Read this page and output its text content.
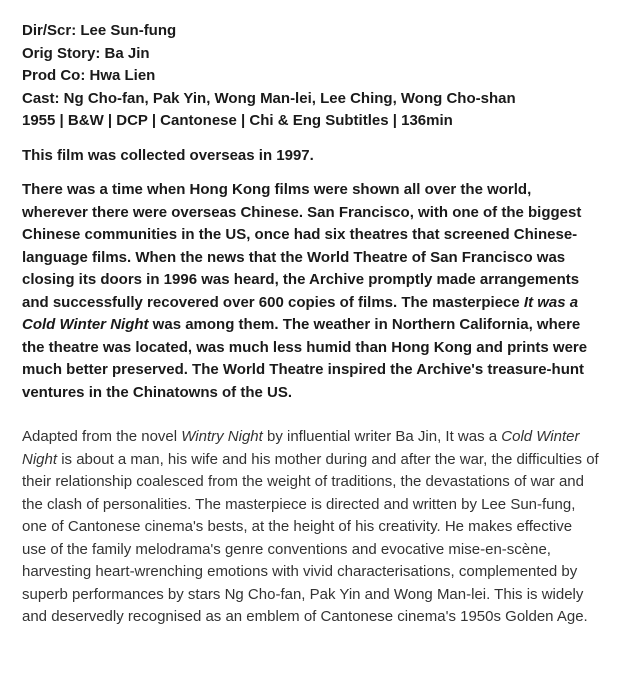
Dir/Scr: Lee Sun-fung
Orig Story: Ba Jin
Prod Co: Hwa Lien
Cast: Ng Cho-fan, Pak Yin, Wong Man-lei, Lee Ching, Wong Cho-shan
1955 | B&W | DCP | Cantonese | Chi & Eng Subtitles | 136min

This film was collected overseas in 1997.

There was a time when Hong Kong films were shown all over the world, wherever there were overseas Chinese. San Francisco, with one of the biggest Chinese communities in the US, once had six theatres that screened Chinese-language films. When the news that the World Theatre of San Francisco was closing its doors in 1996 was heard, the Archive promptly made arrangements and successfully recovered over 600 copies of films. The masterpiece It was a Cold Winter Night was among them. The weather in Northern California, where the theatre was located, was much less humid than Hong Kong and prints were much better preserved. The World Theatre inspired the Archive's treasure-hunt ventures in the Chinatowns of the US.

Adapted from the novel Wintry Night by influential writer Ba Jin, It was a Cold Winter Night is about a man, his wife and his mother during and after the war, the difficulties of their relationship coalesced from the weight of traditions, the devastations of war and the clash of personalities. The masterpiece is directed and written by Lee Sun-fung, one of Cantonese cinema's bests, at the height of his creativity. He makes effective use of the family melodrama's genre conventions and evocative mise-en-scène, harvesting heart-wrenching emotions with vivid characterisations, complemented by superb performances by stars Ng Cho-fan, Pak Yin and Wong Man-lei. This is widely and deservedly recognised as an emblem of Cantonese cinema's 1950s Golden Age.
